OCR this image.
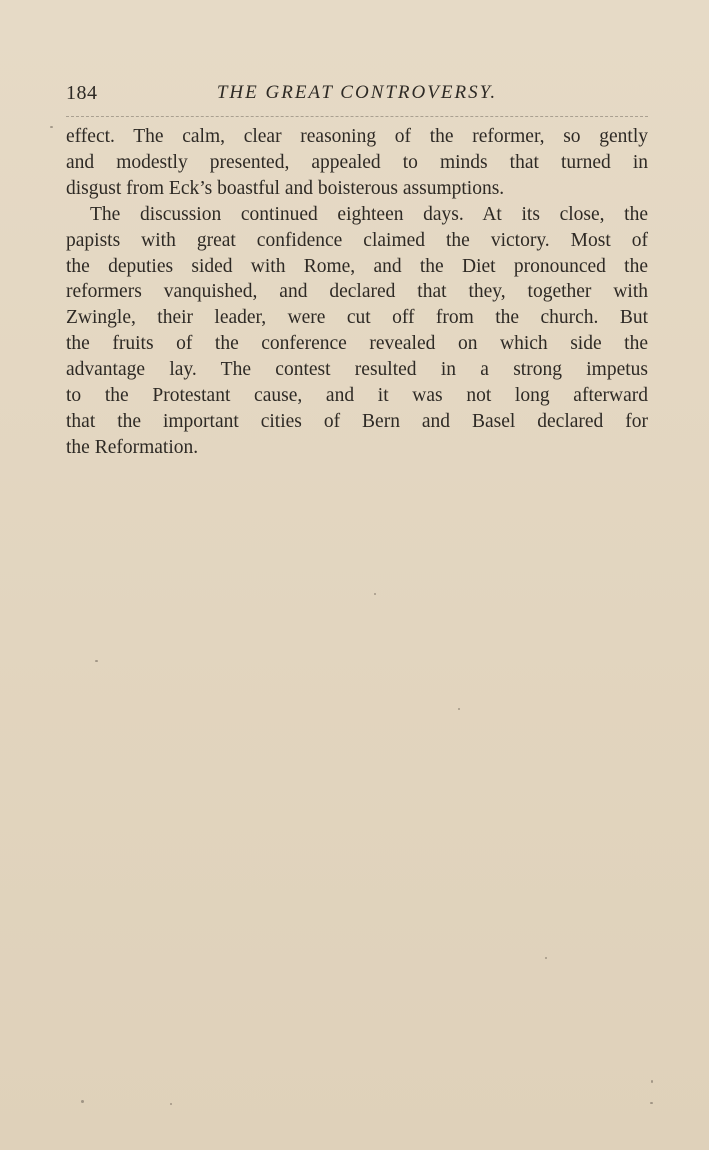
184	THE GREAT CONTROVERSY.

effect. The calm, clear reasoning of the reformer, so gently
and modestly presented, appealed to minds that turned in
disgust from Eck’s boastful and boisterous assumptions.

The discussion continued eighteen days. At its close, the
papists with great confidence claimed the victory. Most of
the deputies sided with Rome, and the Diet pronounced the
reformers vanquished, and declared that they, together with
Zwingle, their leader, were cut off from the church. But
the fruits of the conference revealed on which side the
advantage lay. The contest resulted in a strong impetus
to the Protestant cause, and it was not long afterward
that the important cities of Bern and Basel declared for
the Reformation.
